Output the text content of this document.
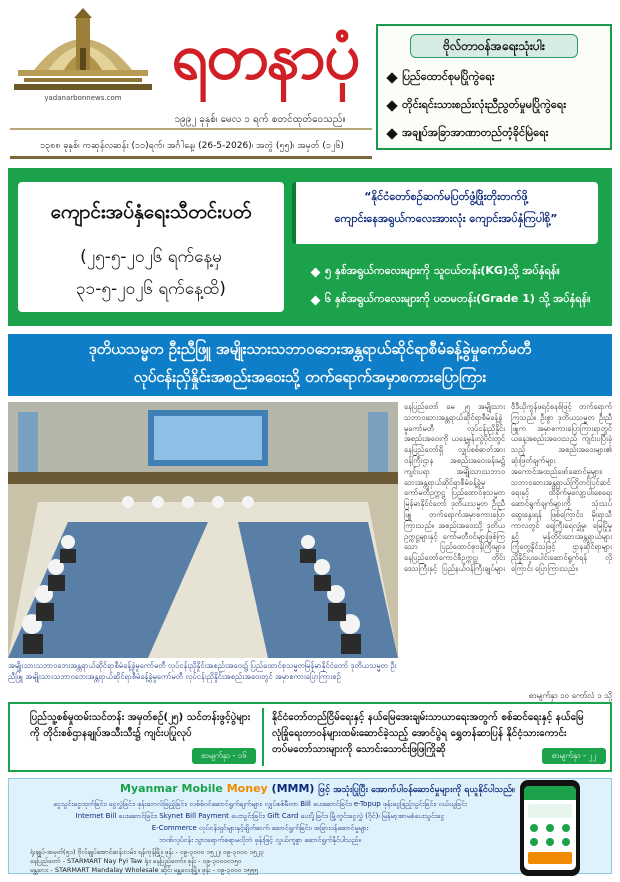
yadanarbonnews.com
ရတနာပုံ
၁၉၉၂ ခုနှစ်၊ မေလ ၁ ရက် စတင်ထုတ်ဝေသည်။
၁၃၈၈ ခုနှစ်၊ ကဆုန်လဆန်း (၁၁)ရက်၊ အင်္ဂါနေ့၊ (26-5-2026)၊ အတွဲ (၅၅)၊ အမှတ် (၁၂၆)
ဗိုလ်တာဝန်အရေးသုံးပါး
ပြည်ထောင်စုမပြိုကွဲရေး
တိုင်းရင်းသားစည်းလုံးညီညွတ်မှုမပြိုကွဲရေး
အချုပ်အခြာအာဏာတည်တံ့ခိုင်မြဲရေး
ကျောင်းအပ်နှံရေးသီတင်းပတ်
(၂၅-၅-၂၀၂၆ ရက်နေ့မှ
၃၁-၅-၂၀၂၆ ရက်နေ့ထိ)
“နိုင်ငံတော်စဉ်ဆက်မပြတ်ဖွံ့ဖြိုးတိုးတက်ဖို့
ကျောင်းနေအရွယ်ကလေးအားလုံး ကျောင်းအပ်နှံကြပါစို့”
၅ နှစ်အရွယ်ကလေးများကို သူငယ်တန်း(KG)သို့ အပ်နှံရန်။
၆ နှစ်အရွယ်ကလေးများကို ပထမတန်း(Grade 1) သို့ အပ်နှံရန်။
ဒုတိယသမ္မတ ဦးညီဖြူ အမျိုးသားသဘာဝဘေးအန္တရာယ်ဆိုင်ရာစီမံခန့်ခွဲမှုကော်မတီ
လုပ်ငန်းညှိနှိုင်းအစည်းအဝေးသို့ တက်ရောက်အမှာစကားပြောကြား
အမျိုးသားသဘာဝဘေးအန္တရာယ်ဆိုင်ရာစီမံခန့်ခွဲမှုကော်မတီ လုပ်ငန်းညှိနှိုင်းအစည်းအဝေး၌ ပြည်ထောင်စုသမ္မတမြန်မာနိုင်ငံတော် ဒုတိယသမ္မတ ဦးညီဖြူ အမျိုးသားသဘာဝဘေးအန္တရာယ်ဆိုင်ရာစီမံခန့်ခွဲမှုကော်မတီ လုပ်ငန်းညှိနှိုင်းအစည်းအဝေးတွင် အမှာစကားပြောကြားစဉ်
နေပြည်တော် မေ ၂၅ အမျိုးသား သဘာဝဘေးအန္တရာယ်ဆိုင်ရာစီမံခန့်ခွဲမှုကော်မတီ လုပ်ငန်းညှိနှိုင်းအစည်းအဝေးကို ယနေ့မွန်းလွဲပိုင်းတွင် နေပြည်တော်ရှိ လျှပ်စစ်ဓာတ်အားဝန်ကြီးဌာန အစည်းအဝေးခန်းမ၌ ကျင်းပရာ အမျိုးသားသဘာဝဘေးအန္တရာယ်ဆိုင်ရာစီမံခန့်ခွဲမှုကော်မတီဥက္ကဋ္ဌ ပြည်ထောင်စုသမ္မတမြန်မာနိုင်ငံတော် ဒုတိယသမ္မတ ဦးညီဖြူ တက်ရောက်အမှာစကားပြောကြားသည်။ အစည်းအဝေးသို့ ဒုတိယဥက္ကဋ္ဌများနှင့် ကော်မတီဝင်များဖြစ်ကြသော ပြည်ထောင်စုဝန်ကြီးများ၊ နေပြည်တော်ကောင်စီဥက္ကဋ္ဌ၊ တိုင်းဒေသကြီးနှင့် ပြည်နယ်ဝန်ကြီးချုပ်များ ဗီဒီယိုကွန်ဖရင့်စနစ်ဖြင့် တက်ရောက်ကြသည်။ ဦးစွာ ဒုတိယသမ္မတ ဦးညီဖြူက အမှာစကားပြောကြားရာတွင် ယနေ့အစည်းအဝေးသည် ကျင်းပပြီးခဲ့သည့် အစည်းအဝေးများ၏ ဆုံးဖြတ်ချက်များ အကောင်အထည်ဖော်ဆောင်မှုများ၊ သဘာဝဘေးအန္တရာယ်ကြိုတင်ပြင်ဆင်ရေးနှင့် ထိခိုက်မှုလျော့ပါးစေရေးဆောင်ရွက်ချက်များကို သုံးသပ်ဆွေးနွေးရန် ဖြစ်ကြောင်း၊ မိုးရာသီကာလတွင် ရေကြီးရေလျှံမှု၊ မြေပြိုမှုနှင့် မုန်တိုင်းဘေးအန္တရာယ်များ ကြုံတွေ့နိုင်သဖြင့် ဌာနဆိုင်ရာများ ညှိနှိုင်းပူးပေါင်းဆောင်ရွက်ရန် လိုကြောင်း ပြောကြားသည်။
စာမျက်နှာ ၁၀ ကော်လံ ၁ သို့
ပြည်သူ့စစ်မှုထမ်းသင်တန်း အမှတ်စဉ်(၂၅) သင်တန်းဖွင့်ပွဲများကို တိုင်းစစ်ဌာနချုပ်အသီးသီး၌ ကျင်းပပြုလုပ်
နိုင်ငံတော်တည်ငြိမ်ရေးနှင့် နယ်မြေအေးချမ်းသာယာရေးအတွက် စစ်ဆင်ရေးနှင့် နယ်မြေလုံခြုံရေးတာဝန်များထမ်းဆောင်ခဲ့သည့် အောင်ပွဲရ ရွှေတန်ဆာပြန် နိုင်ငံ့သားကောင်းတပ်မတော်သားများကို သောင်းသောင်းဖြဖြကြိုဆို
စာမျက်နှာ - ၁၆	စာမျက်နှာ - ၂၂
Myanmar Mobile Money (MMM) ဖြင့် အသုံးပြုပြီး အောက်ပါဝန်ဆောင်မှုများကို ရယူနိုင်ပါသည်။
ငွေသွင်းငွေထုတ်ခြင်း၊ ငွေလွှဲခြင်း၊ ဖုန်းဘေလ်ဖြည့်ခြင်း၊ လစ်စ်ဝင်ဆောင်ရွက်ချက်များ၊ လျှပ်စစ်မီတာ Bill ပေးဆောင်ခြင်း၊ e-Topup ဖုန်းငွေဖြည့်သွင်းခြင်း၊ ဝယ်ယူခြင်း
Internet Bill ပေးဆောင်ခြင်း၊ Skynet Bill Payment ပေးသွင်းခြင်း၊ Gift Card ပေးပို့ခြင်း၊ မြို့တွင်းငွေလွှဲ (ဝိုင်)၊ မြန်မာ့အာမခံပေးသွင်းငွေ
E-Commerce လုပ်ငန်းရှင်များနှင့်ချိတ်ဆက် ဆောင်ရွက်ခြင်း၊ အခြားဝန်ဆောင်မှုများ
ဘဏ်လုပ်ငန်း သွားရောက်စရာမလိုဘဲ ဖုန်းဖြင့် လွယ်ကူစွာ ဆောင်ရွက်နိုင်ပါသည်။
ရုံးချုပ်-အမှတ်(၅၁) ဗိုလ်ချုပ်အောင်ဆန်းလမ်း၊ ရန်ကုန်မြို့။ ဖုန်း - ၀၉-၃၀၀၀ ၁၅၂၂၊ ၀၉-၃၀၀၀ ၁၅၂၃
နေပြည်တော် - STARMART Nay Pyi Taw ရုံး၊ နေပြည်တော်။ ဖုန်း - ၀၉-၃၀၀၀၀၁၅၀
မန္တလေး - STARMART Mandalay Wholesale ဆိုင်၊ မန္တလေးမြို့။ ဖုန်း - ၀၉-၃၀၀၀ ၁၅၅၅
